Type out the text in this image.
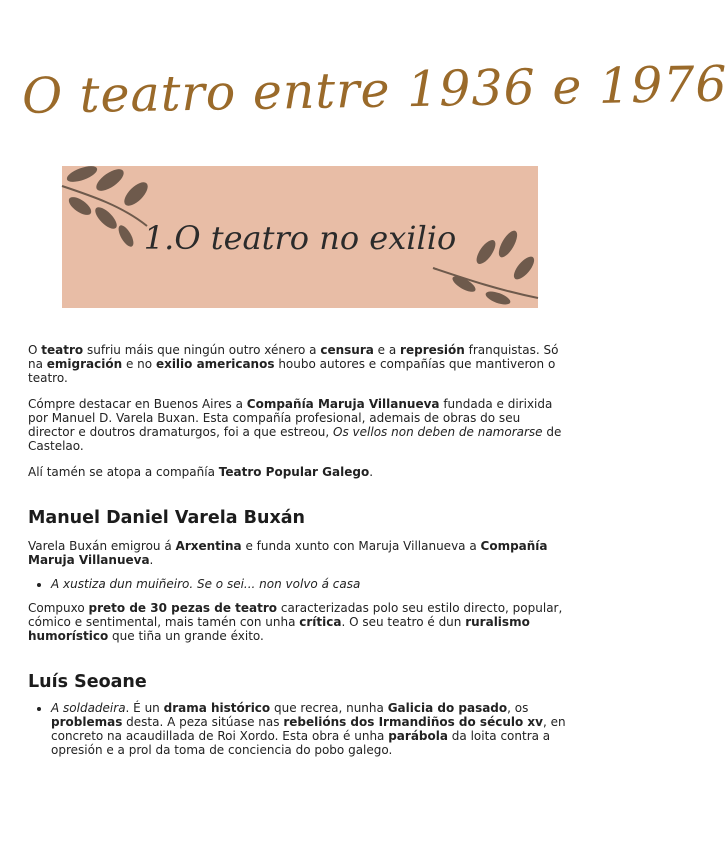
O teatro entre 1936 e 1976
1.O teatro no exilio

O teatro sufriu máis que ningún outro xénero a censura e a represión franquistas. Só na emigración e no exilio americanos houbo autores e compañías que mantiveron o teatro.

Cómpre destacar en Buenos Aires a Compañía Maruja Villanueva fundada e dirixida por Manuel D. Varela Buxan. Esta compañía profesional, ademais de obras do seu director e doutros dramaturgos, foi a que estreou, Os vellos non deben de namorarse de Castelao.

Alí tamén se atopa a compañía Teatro Popular Galego.

Manuel Daniel Varela Buxán

Varela Buxán emigrou á Arxentina e funda xunto con Maruja Villanueva a Compañía Maruja Villanueva.

• A xustiza dun muiñeiro. Se o sei... non volvo á casa

Compuxo preto de 30 pezas de teatro caracterizadas polo seu estilo directo, popular, cómico e sentimental, mais tamén con unha crítica. O seu teatro é dun ruralismo humorístico que tiña un grande éxito.

Luís Seoane
• A soldadeira. É un drama histórico que recrea, nunha Galicia do pasado, os problemas desta. A peza sitúase nas rebelións dos Irmandiños do século xv, en concreto na acaudillada de Roi Xordo. Esta obra é unha parábola da loita contra a opresión e a prol da toma de conciencia do pobo galego.
